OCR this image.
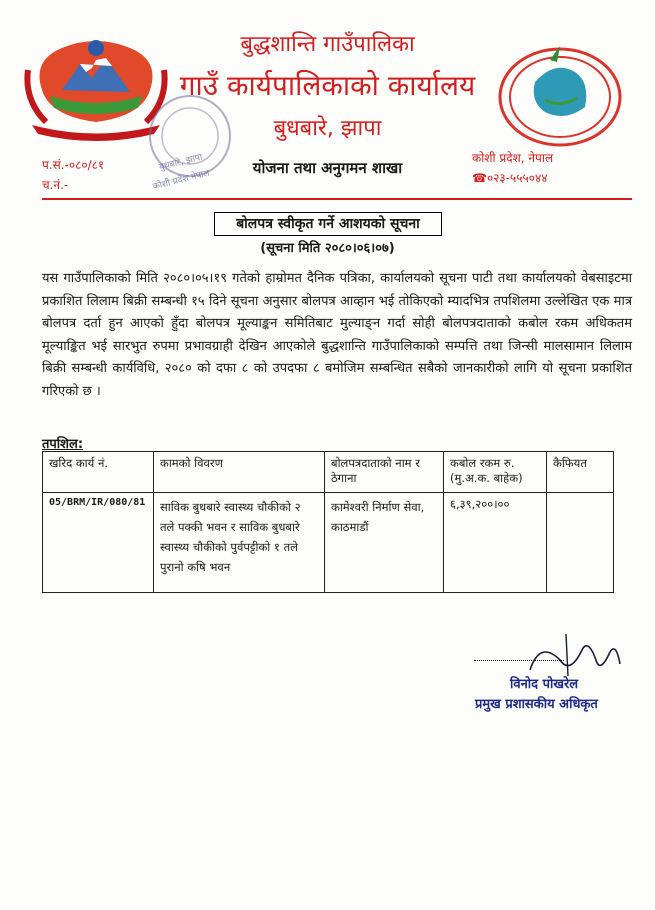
बुधबारे, झापा
कोशी प्रदेश नेपाल
बुद्धशान्ति गाउँपालिका
गाउँ कार्यपालिकाको कार्यालय
बुधबारे, झापा
योजना तथा अनुगमन शाखा
प.सं.-०८०/८१
च.नं.-
कोशी प्रदेश, नेपाल
☎०२३-५५५०४४
बोलपत्र स्वीकृत गर्ने आशयको सूचना
(सूचना मिति २०८०।०६।०७)
यस गाउँपालिकाको मिति २०८०।०५।१९ गतेको हाम्रोमत दैनिक पत्रिका, कार्यालयको सूचना पाटी तथा कार्यालयको वेबसाइटमा प्रकाशित लिलाम बिक्री सम्बन्धी १५ दिने सूचना अनुसार बोलपत्र आव्हान भई तोकिएको म्यादभित्र तपशिलमा उल्लेखित एक मात्र बोलपत्र दर्ता हुन आएको हुँदा बोलपत्र मूल्याङ्कन समितिबाट मुल्याङ्न गर्दा सोही बोलपत्रदाताको कबोल रकम अधिकतम मूल्याङ्कित भई सारभुत रुपमा प्रभावग्राही देखिन आएकोले बुद्धशान्ति गाउँपालिकाको सम्पत्ति तथा जिन्सी मालसामान लिलाम बिक्री सम्बन्धी कार्यविधि, २०८० को दफा ८ को उपदफा ८ बमोजिम सम्बन्धित सबैको जानकारीको लागि यो सूचना प्रकाशित गरिएको छ ।
तपशिल:
खरिद कार्य नं.	कामको विवरण	बोलपत्रदाताको नाम र ठेगाना	कबोल रकम रु. (मु.अ.क. बाहेक)	कैफियत
05/BRM/IR/080/81	साविक बुधबारे स्वास्थ्य चौकीको २ तले पक्की भवन र साविक बुधबारे स्वास्थ्य चौकीको पुर्वपट्टीको १ तले पुरानो कषि भवन	कामेश्वरी निर्माण सेवा, काठमाडौं	६,३९,२००।००	
विनोद पोखरेल
प्रमुख प्रशासकीय अधिकृत
